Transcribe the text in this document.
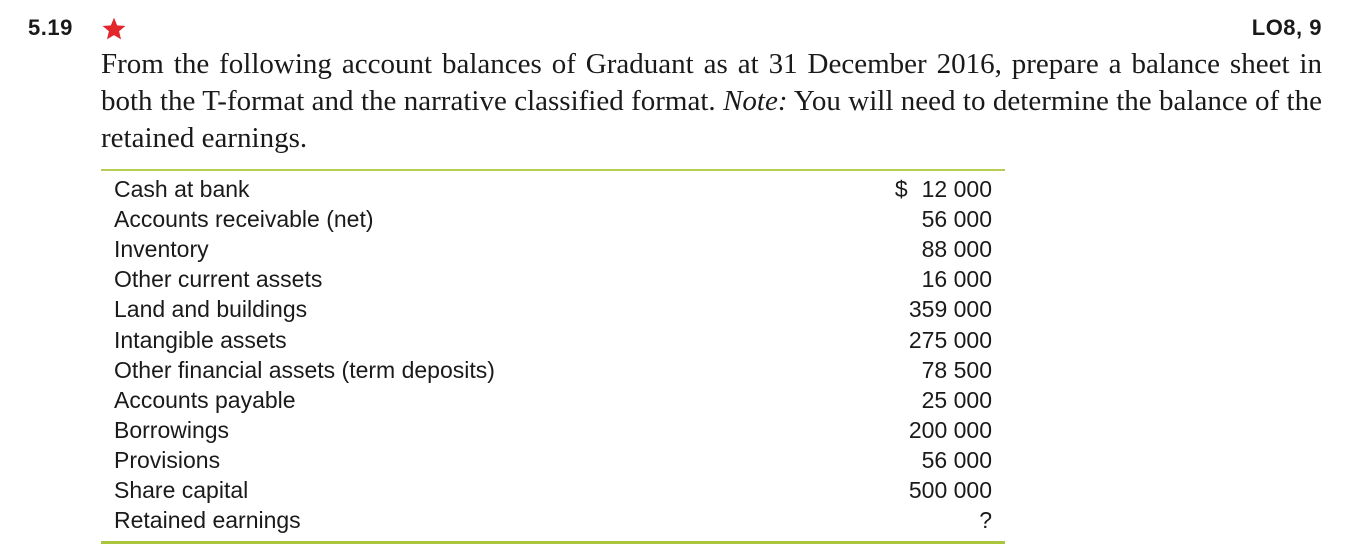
5.19	LO8, 9

From the following account balances of Graduant as at 31 December 2016, prepare a balance sheet in both the T-format and the narrative classified format. Note: You will need to determine the balance of the retained earnings.

Cash at bank	$ 12 000
Accounts receivable (net)	56 000
Inventory	88 000
Other current assets	16 000
Land and buildings	359 000
Intangible assets	275 000
Other financial assets (term deposits)	78 500
Accounts payable	25 000
Borrowings	200 000
Provisions	56 000
Share capital	500 000
Retained earnings	?
